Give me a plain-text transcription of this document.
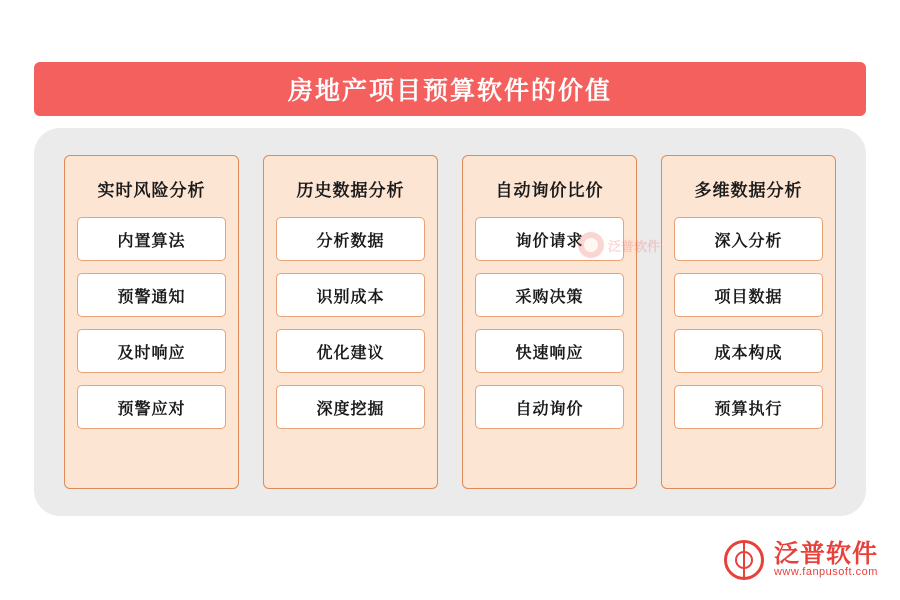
房地产项目预算软件的价值
实时风险分析
内置算法
预警通知
及时响应
预警应对
历史数据分析
分析数据
识别成本
优化建议
深度挖掘
自动询价比价
询价请求
采购决策
快速响应
自动询价
多维数据分析
深入分析
项目数据
成本构成
预算执行
泛普软件
泛普软件
www.fanpusoft.com
